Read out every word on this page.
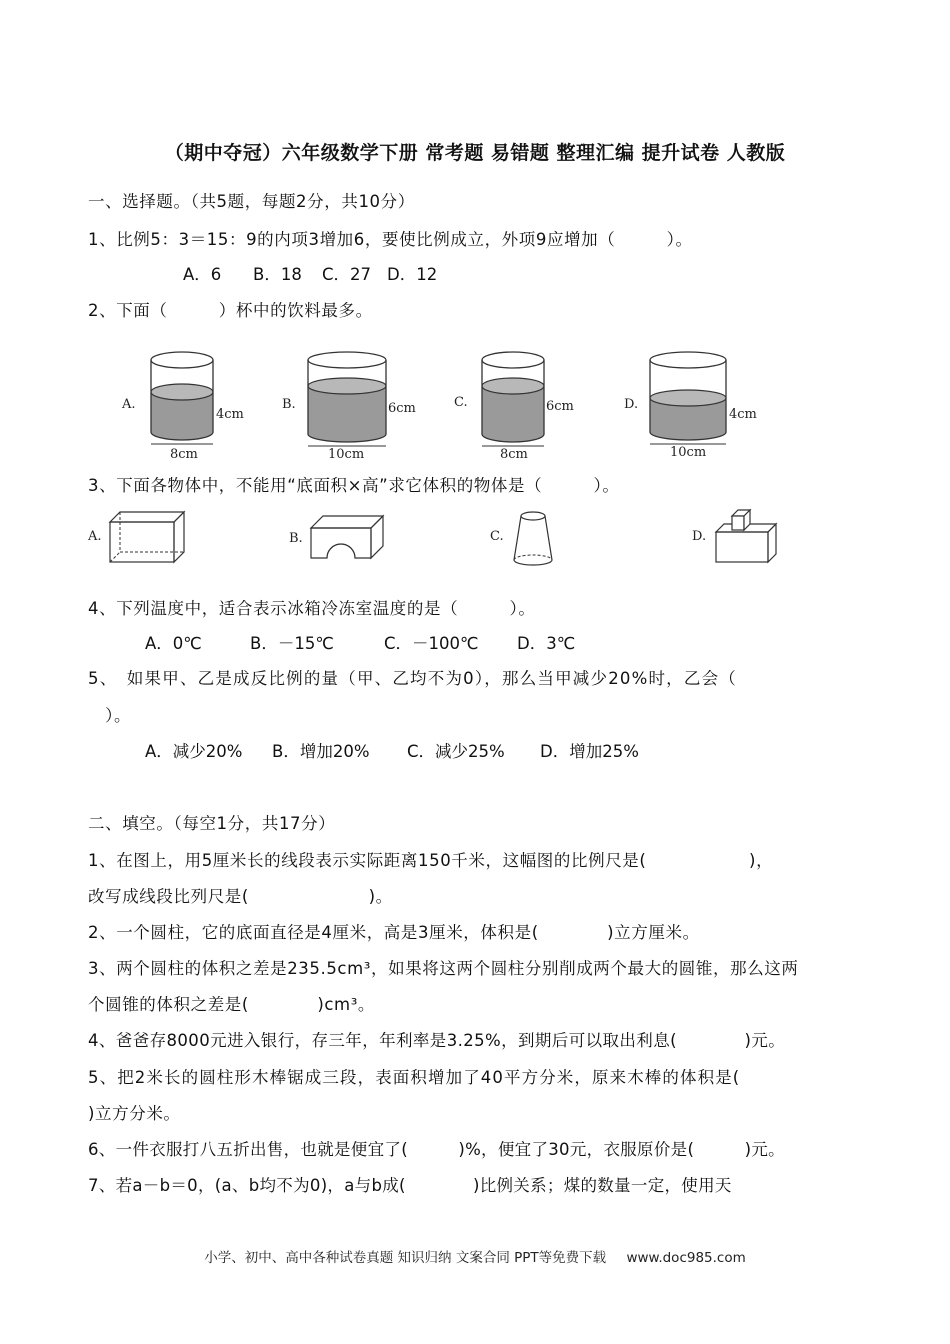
（期中夺冠）六年级数学下册 常考题 易错题 整理汇编 提升试卷 人教版
一、选择题。（共5题，每题2分，共10分）
1、比例5：3＝15：9的内项3增加6，要使比例成立，外项9应增加（　　　）。
A．6 B．18 C．27 D．12
2、下面（　　　）杯中的饮料最多。
A.
4cm
8cm
B.	6cm
10cm
C.	6cm
8cm
D.
4cm
10cm
3、下面各物体中，不能用“底面积×高”求它体积的物体是（　　　）。
A.	B.	C.	D.
4、下列温度中，适合表示冰箱冷冻室温度的是（　　　）。
A．0℃	B．－15℃	C．－100℃ D．3℃
5、　如果甲、乙是成反比例的量（甲、乙均不为0），那么当甲减少20%时，乙会（
　）。
A．减少20% B．增加20% C．减少25% D．增加25%
二、填空。（每空1分，共17分）
1、在图上，用5厘米长的线段表示实际距离150千米，这幅图的比例尺是(　　　　　　)，
改写成线段比列尺是(　　　　　　　)。
2、一个圆柱，它的底面直径是4厘米，高是3厘米，体积是(　　　　)立方厘米。
3、两个圆柱的体积之差是235.5cm³，如果将这两个圆柱分别削成两个最大的圆锥，那么这两
个圆锥的体积之差是(　　　　)cm³。
4、爸爸存8000元进入银行，存三年，年利率是3.25%，到期后可以取出利息(　　　　)元。
5、把2米长的圆柱形木棒锯成三段，表面积增加了40平方分米，原来木棒的体积是(
)立方分米。
6、一件衣服打八五折出售，也就是便宜了(　　　)%，便宜了30元，衣服原价是(　　　)元。
7、若a－b＝0，(a、b均不为0)，a与b成(　　　　)比例关系；煤的数量一定，使用天
小学、初中、高中各种试卷真题 知识归纳 文案合同 PPT等免费下载 www.doc985.com
